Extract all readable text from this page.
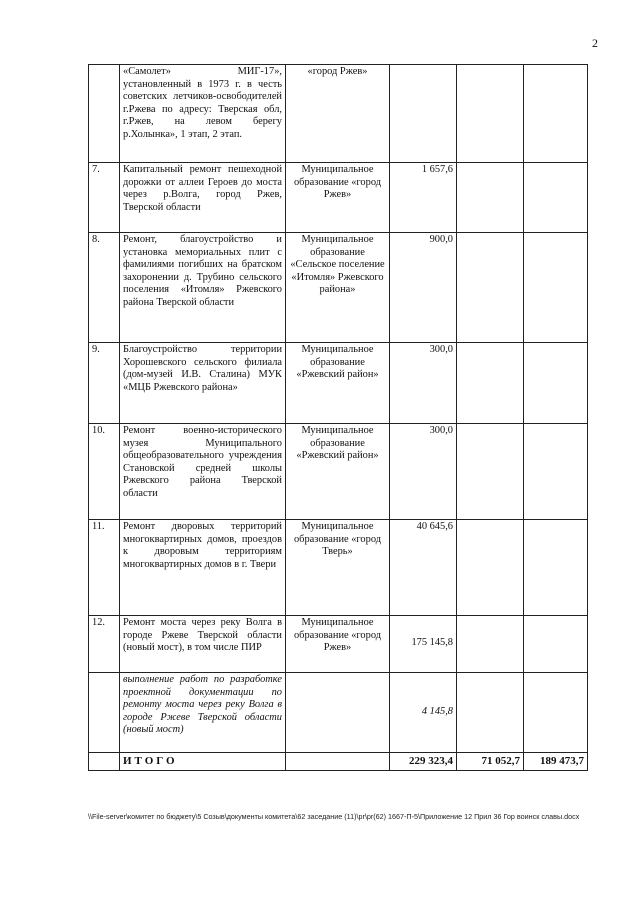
2
	«Самолет» МИГ-17», установленный в 1973 г. в честь советских летчиков-освободителей г.Ржева по адресу: Тверская обл, г.Ржев, на левом берегу р.Холынка», 1 этап, 2 этап.	«город Ржев»			
7.	Капитальный ремонт пешеходной дорожки от аллеи Героев до моста через р.Волга, город Ржев, Тверской области	Муниципальное образование «город Ржев»	1 657,6		
8.	Ремонт, благоустройство и установка мемориальных плит с фамилиями погибших на братском захоронении д. Трубино сельского поселения «Итомля» Ржевского района Тверской области	Муниципальное образование «Сельское поселение «Итомля» Ржевского района»	900,0		
9.	Благоустройство территории Хорошевского сельского филиала (дом-музей И.В. Сталина) МУК «МЦБ Ржевского района»	Муниципальное образование «Ржевский район»	300,0		
10.	Ремонт военно-исторического музея Муниципального общеобразовательного учреждения Становской средней школы Ржевского района Тверской области	Муниципальное образование «Ржевский район»	300,0		
11.	Ремонт дворовых территорий многоквартирных домов, проездов к дворовым территориям многоквартирных домов в г. Твери	Муниципальное образование «город Тверь»	40 645,6		
12.	Ремонт моста через реку Волга в городе Ржеве Тверской области (новый мост), в том числе ПИР	Муниципальное образование «город Ржев»	175 145,8		
	выполнение работ по разработке проектной документации по ремонту моста через реку Волга в городе Ржеве Тверской области (новый мост)		4 145,8		
	ИТОГО		229 323,4	71 052,7	189 473,7
\\File-server\комитет по бюджету\5 Созыв\документы комитета\62 заседание (11)\pr\pr(62) 1667-П-5\Приложение 12 Прил 36 Гор воинск славы.docx
